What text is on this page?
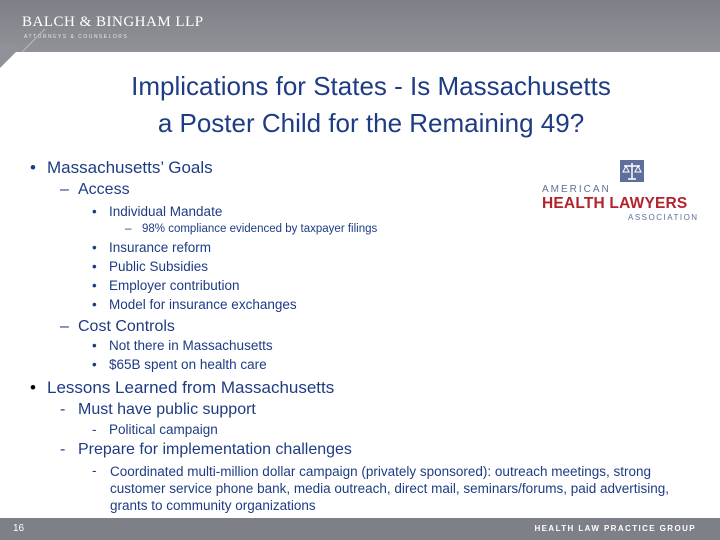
BALCH & BINGHAM LLP
ATTORNEYS & COUNSELORS
Implications for States - Is Massachusetts
a Poster Child for the Remaining 49?
AMERICAN
HEALTH LAWYERS
ASSOCIATION
• Massachusetts’ Goals
– Access
• Individual Mandate
– 98% compliance evidenced by taxpayer filings
• Insurance reform
• Public Subsidies
• Employer contribution
• Model for insurance exchanges
– Cost Controls
• Not there in Massachusetts
• $65B spent on health care
• Lessons Learned from Massachusetts
- Must have public support
- Political campaign
- Prepare for implementation challenges
- Coordinated multi-million dollar campaign (privately sponsored): outreach meetings, strong customer service phone bank, media outreach, direct mail, seminars/forums, paid advertising, grants to community organizations
16	HEALTH LAW PRACTICE GROUP
